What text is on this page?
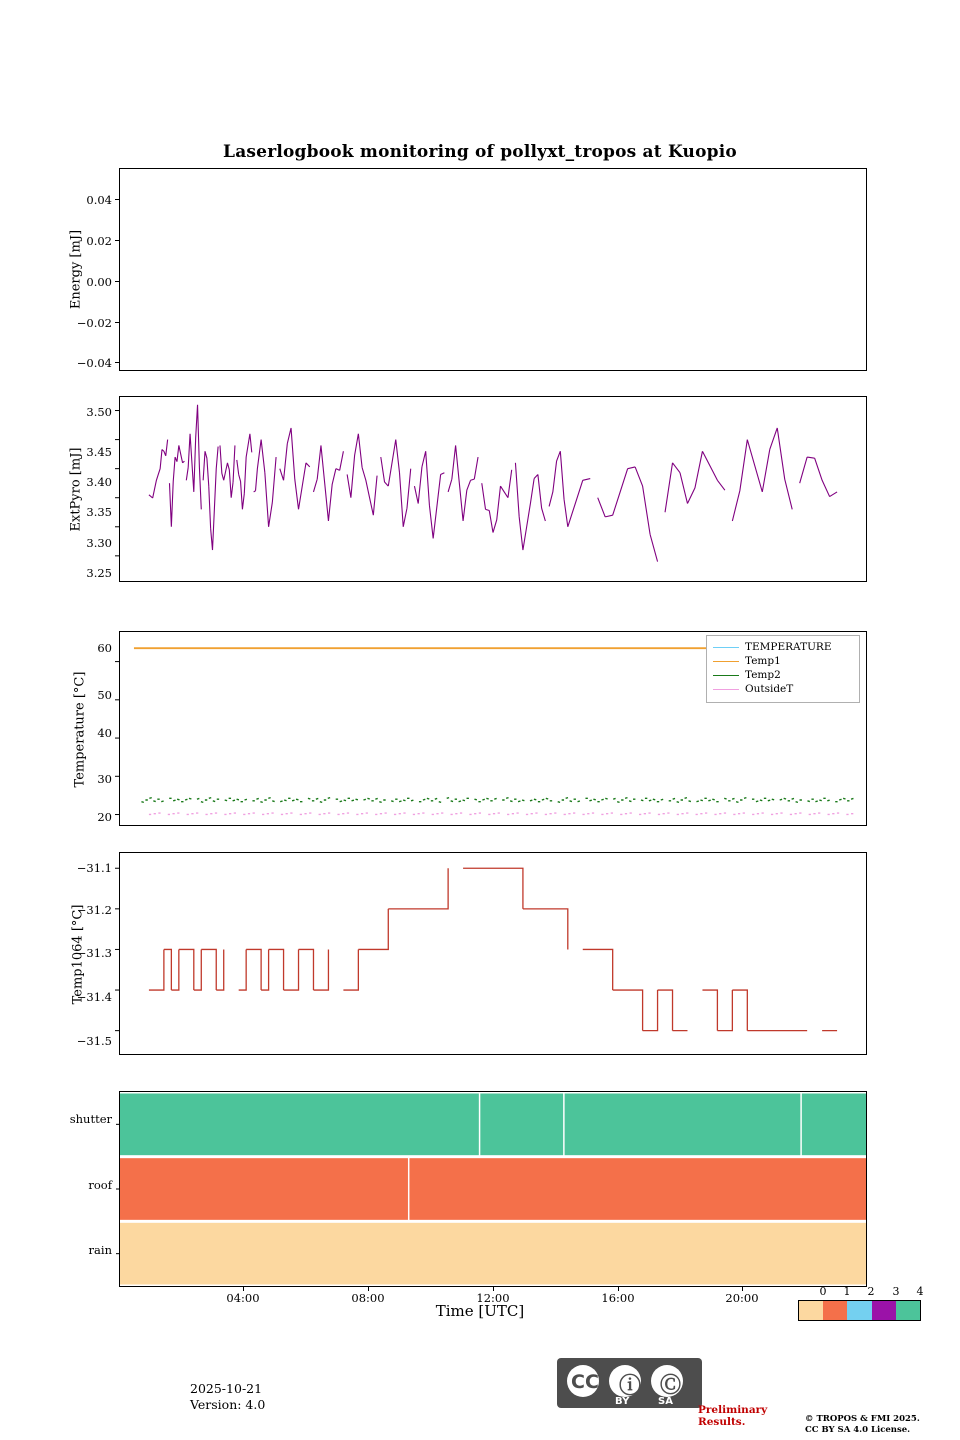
Laserlogbook monitoring of pollyxt_tropos at Kuopio
Energy [mJ]
0.04
0.02
0.00
−0.02
−0.04
ExtPyro [mJ]
3.50
3.45
3.40
3.35
3.30
3.25
Temperature [°C]
60
50
40
30
20
TEMPERATURE
Temp1
Temp2
OutsideT
Temp1064 [°C]
−31.1
−31.2
−31.3
−31.4
−31.5
shutter
roof
rain
04:00	08:00	12:00	16:00	20:00
Time [UTC]
0	1	2	3	4
2025-10-21
Version: 4.0
CC ⓘ Ⓒ
BY	SA
Preliminary
Results.	© TROPOS & FMI 2025.
CC BY SA 4.0 License.
